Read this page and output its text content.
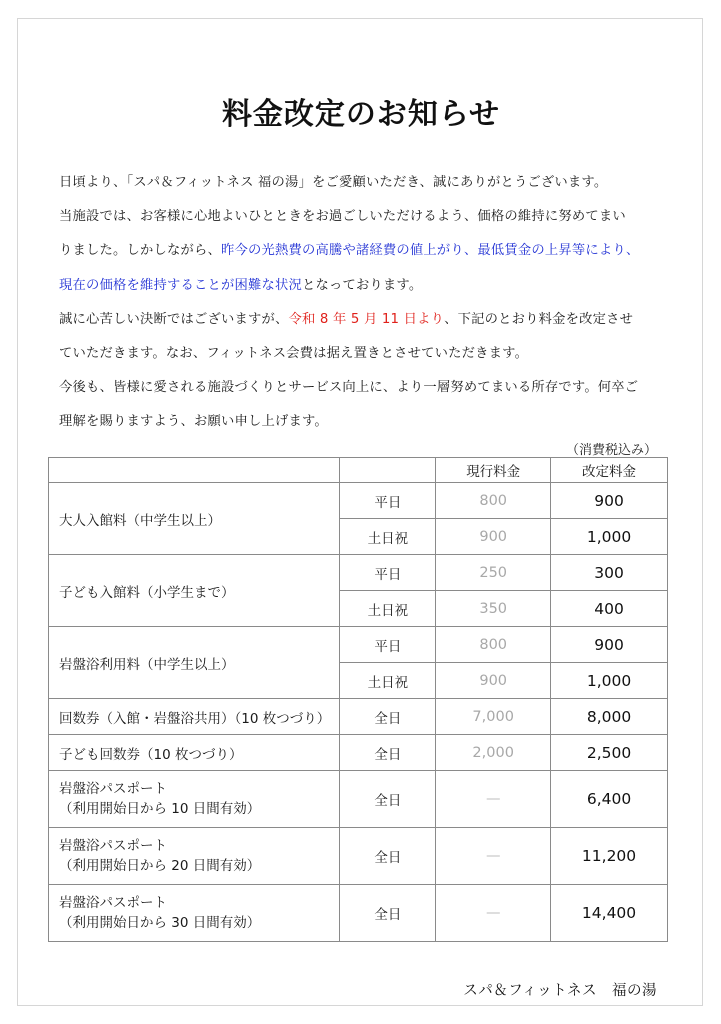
料金改定のお知らせ

日頃より、「スパ＆フィットネス 福の湯」をご愛顧いただき、誠にありがとうございます。

当施設では、お客様に心地よいひとときをお過ごしいただけるよう、価格の維持に努めてまい

りました。しかしながら、昨今の光熱費の高騰や諸経費の値上がり、最低賃金の上昇等により、

現在の価格を維持することが困難な状況となっております。

誠に心苦しい決断ではございますが、令和 8 年 5 月 11 日より、下記のとおり料金を改定させ

ていただきます。なお、フィットネス会費は据え置きとさせていただきます。

今後も、皆様に愛される施設づくりとサービス向上に、より一層努めてまいる所存です。何卒ご

理解を賜りますよう、お願い申し上げます。

（消費税込み）
		現行料金	改定料金
大人入館料（中学生以上）	平日	800	900
	土日祝	900	1,000
子ども入館料（小学生まで）	平日	250	300
	土日祝	350	400
岩盤浴利用料（中学生以上）	平日	800	900
	土日祝	900	1,000
回数券（入館・岩盤浴共用）（10 枚つづり）	全日	7,000	8,000
子ども回数券（10 枚つづり）	全日	2,000	2,500

岩盤浴パスポート
（利用開始日から 10 日間有効）	全日	—	6,400

岩盤浴パスポート
（利用開始日から 20 日間有効）	全日	—	11,200

岩盤浴パスポート
（利用開始日から 30 日間有効）	全日	—	14,400
スパ＆フィットネス　福の湯
